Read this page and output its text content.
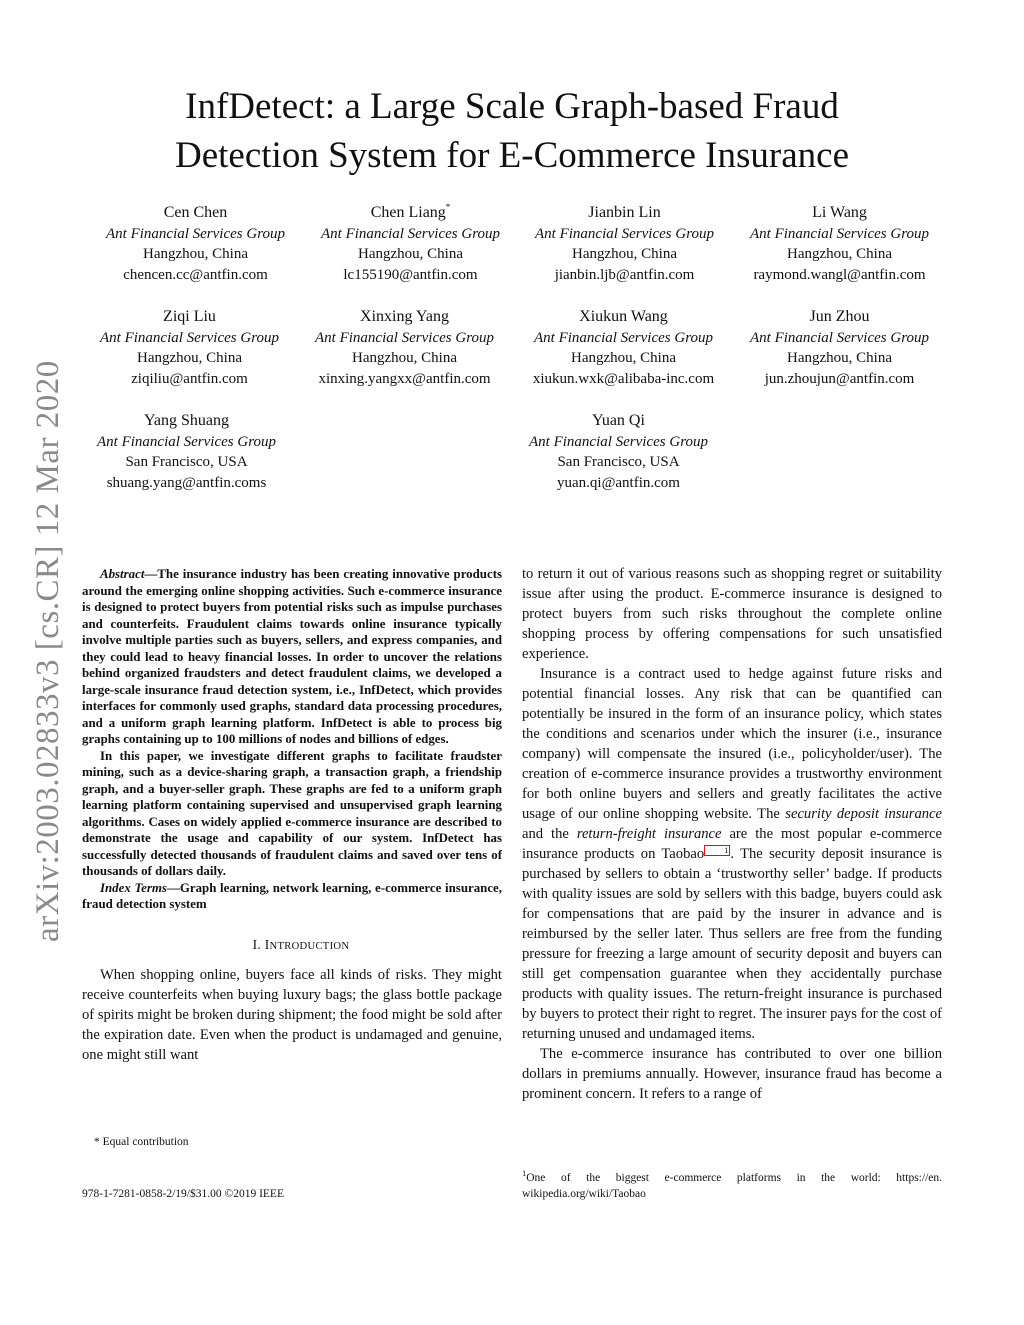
arXiv:2003.02833v3 [cs.CR] 12 Mar 2020
InfDetect: a Large Scale Graph-based Fraud
Detection System for E-Commerce Insurance
Cen Chen
Ant Financial Services Group
Hangzhou, China
chencen.cc@antfin.com
Chen Liang*
Ant Financial Services Group
Hangzhou, China
lc155190@antfin.com
Jianbin Lin
Ant Financial Services Group
Hangzhou, China
jianbin.ljb@antfin.com
Li Wang
Ant Financial Services Group
Hangzhou, China
raymond.wangl@antfin.com
Ziqi Liu
Ant Financial Services Group
Hangzhou, China
ziqiliu@antfin.com
Xinxing Yang
Ant Financial Services Group
Hangzhou, China
xinxing.yangxx@antfin.com
Xiukun Wang
Ant Financial Services Group
Hangzhou, China
xiukun.wxk@alibaba-inc.com
Jun Zhou
Ant Financial Services Group
Hangzhou, China
jun.zhoujun@antfin.com
Yang Shuang
Ant Financial Services Group
San Francisco, USA
shuang.yang@antfin.coms
Yuan Qi
Ant Financial Services Group
San Francisco, USA
yuan.qi@antfin.com

Abstract—The insurance industry has been creating innovative products around the emerging online shopping activities. Such e-commerce insurance is designed to protect buyers from potential risks such as impulse purchases and counterfeits. Fraudulent claims towards online insurance typically involve multiple parties such as buyers, sellers, and express companies, and they could lead to heavy financial losses. In order to uncover the relations behind organized fraudsters and detect fraudulent claims, we developed a large-scale insurance fraud detection system, i.e., InfDetect, which provides interfaces for commonly used graphs, standard data processing procedures, and a uniform graph learning platform. InfDetect is able to process big graphs containing up to 100 millions of nodes and billions of edges.

In this paper, we investigate different graphs to facilitate fraudster mining, such as a device-sharing graph, a transaction graph, a friendship graph, and a buyer-seller graph. These graphs are fed to a uniform graph learning platform containing supervised and unsupervised graph learning algorithms. Cases on widely applied e-commerce insurance are described to demonstrate the usage and capability of our system. InfDetect has successfully detected thousands of fraudulent claims and saved over tens of thousands of dollars daily.

Index Terms—Graph learning, network learning, e-commerce insurance, fraud detection system

I. INTRODUCTION

When shopping online, buyers face all kinds of risks. They might receive counterfeits when buying luxury bags; the glass bottle package of spirits might be broken during shipment; the food might be sold after the expiration date. Even when the product is undamaged and genuine, one might still want

* Equal contribution
978-1-7281-0858-2/19/$31.00 ©2019 IEEE

to return it out of various reasons such as shopping regret or suitability issue after using the product. E-commerce insurance is designed to protect buyers from such risks throughout the complete online shopping process by offering compensations for such unsatisfied experience.

Insurance is a contract used to hedge against future risks and potential financial losses. Any risk that can be quantified can potentially be insured in the form of an insurance policy, which states the conditions and scenarios under which the insurer (i.e., insurance company) will compensate the insured (i.e., policyholder/user). The creation of e-commerce insurance provides a trustworthy environment for both online buyers and sellers and greatly facilitates the active usage of our online shopping website. The security deposit insurance and the return-freight insurance are the most popular e-commerce insurance products on Taobao 1 . The security deposit insurance is purchased by sellers to obtain a ‘trustworthy seller’ badge. If products with quality issues are sold by sellers with this badge, buyers could ask for compensations that are paid by the insurer in advance and is reimbursed by the seller later. Thus sellers are free from the funding pressure for freezing a large amount of security deposit and buyers can still get compensation guarantee when they accidentally purchase products with quality issues. The return-freight insurance is purchased by buyers to protect their right to regret. The insurer pays for the cost of returning unused and undamaged items.

The e-commerce insurance has contributed to over one billion dollars in premiums annually. However, insurance fraud has become a prominent concern. It refers to a range of

$^1$One of the biggest e-commerce platforms in the world: https://en. wikipedia.org/wiki/Taobao
